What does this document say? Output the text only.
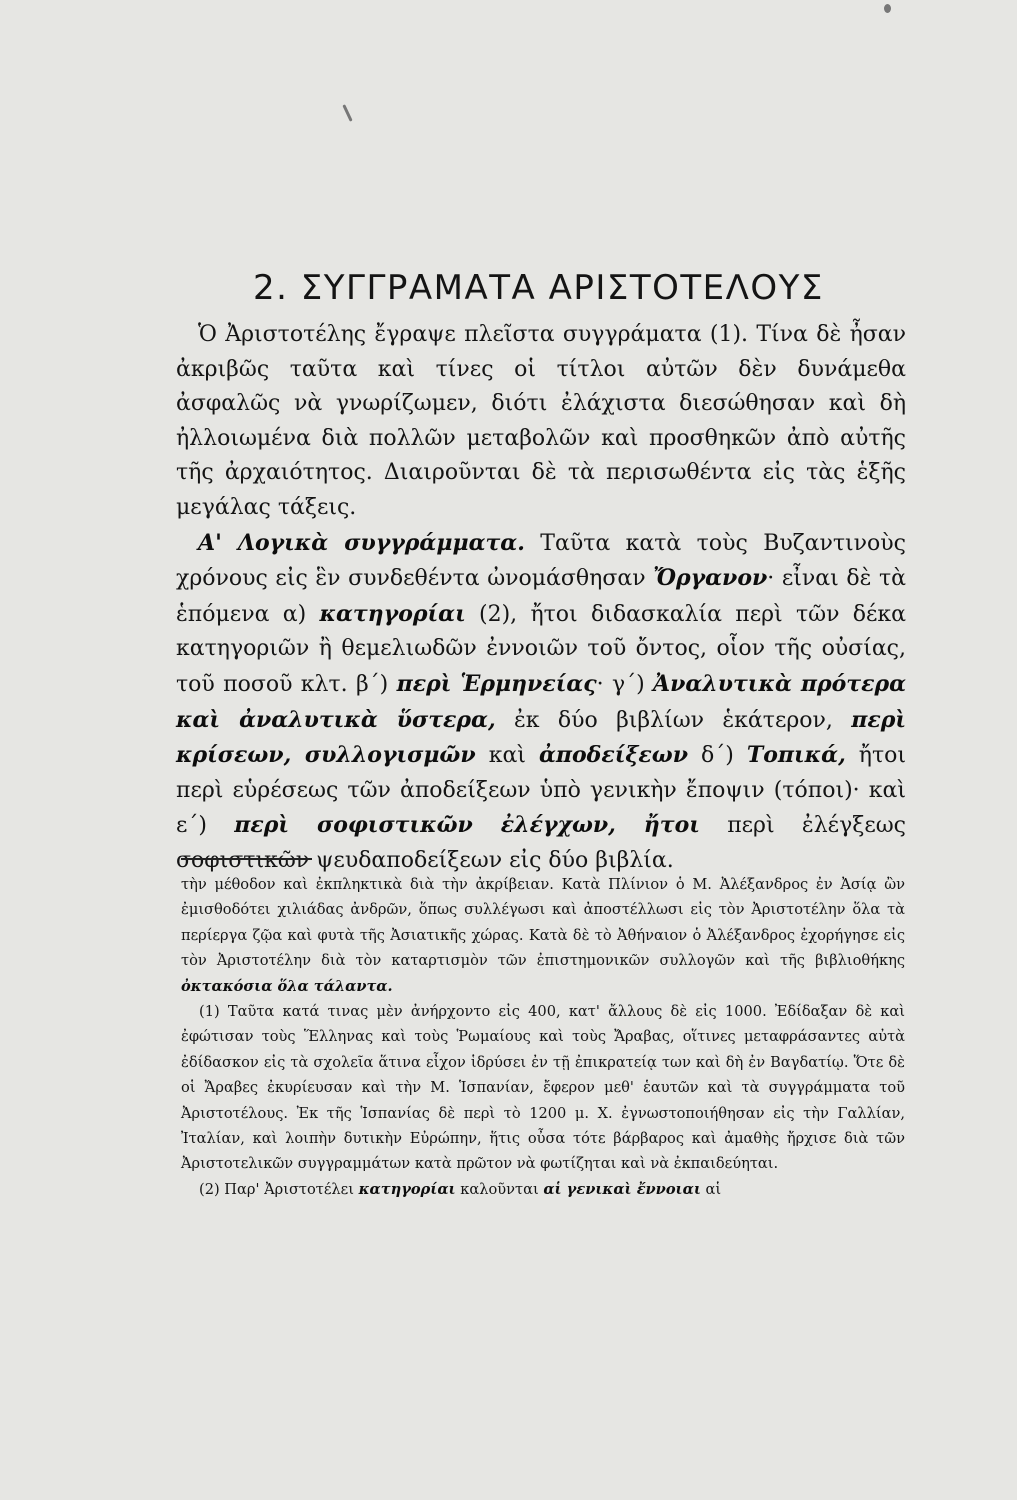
2. ΣΥΓΓΡΑΜΑΤΑ ΑΡΙΣΤΟΤΕΛΟΥΣ

Ὁ Ἀριστοτέλης ἔγραψε πλεῖστα συγγράματα (1). Τίνα δὲ ἦσαν ἀκριβῶς ταῦτα καὶ τίνες οἱ τίτλοι αὐτῶν δὲν δυνάμεθα ἀσφαλῶς νὰ γνωρίζωμεν, διότι ἐλάχιστα διεσώθησαν καὶ δὴ ἠλλοιωμένα διὰ πολλῶν μεταβολῶν καὶ προσθηκῶν ἀπὸ αὐτῆς τῆς ἀρχαιότητος. Διαιροῦνται δὲ τὰ περισωθέντα εἰς τὰς ἑξῆς μεγάλας τάξεις.

Α' Λογικὰ συγγράμματα. Ταῦτα κατὰ τοὺς Βυζαντινοὺς χρόνους εἰς ἓν συνδεθέντα ὠνομάσθησαν Ὄργανον· εἶναι δὲ τὰ ἑπόμενα α) κατηγορίαι (2), ἤτοι διδασκαλία περὶ τῶν δέκα κατηγοριῶν ἢ θεμελιωδῶν ἐννοιῶν τοῦ ὄντος, οἷον τῆς οὐσίας, τοῦ ποσοῦ κλτ. β΄) περὶ Ἑρμηνείας· γ΄) Ἀναλυτικὰ πρότερα καὶ ἀναλυτικὰ ὕστερα, ἐκ δύο βιβλίων ἑκάτερον, περὶ κρίσεων, συλλογισμῶν καὶ ἀποδείξεων δ΄) Τοπικά, ἤτοι περὶ εὑρέσεως τῶν ἀποδείξεων ὑπὸ γενικὴν ἔποψιν (τόποι)· καὶ ε΄) περὶ σοφιστικῶν ἐλέγχων, ἤτοι περὶ ἐλέγξεως σοφιστικῶν ψευδαποδείξεων εἰς δύο βιβλία.

τὴν μέθοδον καὶ ἐκπληκτικὰ διὰ τὴν ἀκρίβειαν. Κατὰ Πλίνιον ὁ Μ. Ἀλέξανδρος ἐν Ἀσίᾳ ὢν ἐμισθοδότει χιλιάδας ἀνδρῶν, ὅπως συλλέγωσι καὶ ἀποστέλλωσι εἰς τὸν Ἀριστοτέλην ὅλα τὰ περίεργα ζῷα καὶ φυτὰ τῆς Ἀσιατικῆς χώρας. Κατὰ δὲ τὸ Ἀθήναιον ὁ Ἀλέξανδρος ἐχορήγησε εἰς τὸν Ἀριστοτέλην διὰ τὸν καταρτισμὸν τῶν ἐπιστημονικῶν συλλογῶν καὶ τῆς βιβλιοθήκης ὀκτακόσια ὅλα τάλαντα.

(1) Ταῦτα κατά τινας μὲν ἀνήρχοντο εἰς 400, κατ' ἄλλους δὲ εἰς 1000. Ἐδίδαξαν δὲ καὶ ἐφώτισαν τοὺς Ἕλληνας καὶ τοὺς Ῥωμαίους καὶ τοὺς Ἄραβας, οἵτινες μεταφράσαντες αὐτὰ ἐδίδασκον εἰς τὰ σχολεῖα ἅτινα εἶχον ἱδρύσει ἐν τῇ ἐπικρατείᾳ των καὶ δὴ ἐν Βαγδατίῳ. Ὅτε δὲ οἱ Ἄραβες ἐκυρίευσαν καὶ τὴν Μ. Ἱσπανίαν, ἔφερον μεθ' ἑαυτῶν καὶ τὰ συγγράμματα τοῦ Ἀριστοτέλους. Ἐκ τῆς Ἱσπανίας δὲ περὶ τὸ 1200 μ. Χ. ἐγνωστοποιήθησαν εἰς τὴν Γαλλίαν, Ἰταλίαν, καὶ λοιπὴν δυτικὴν Εὐρώπην, ἥτις οὖσα τότε βάρβαρος καὶ ἀμαθὴς ἤρχισε διὰ τῶν Ἀριστοτελικῶν συγγραμμάτων κατὰ πρῶτον νὰ φωτίζηται καὶ νὰ ἐκπαιδεύηται.

(2) Παρ' Ἀριστοτέλει κατηγορίαι καλοῦνται αἱ γενικαὶ ἔννοιαι αἱ
